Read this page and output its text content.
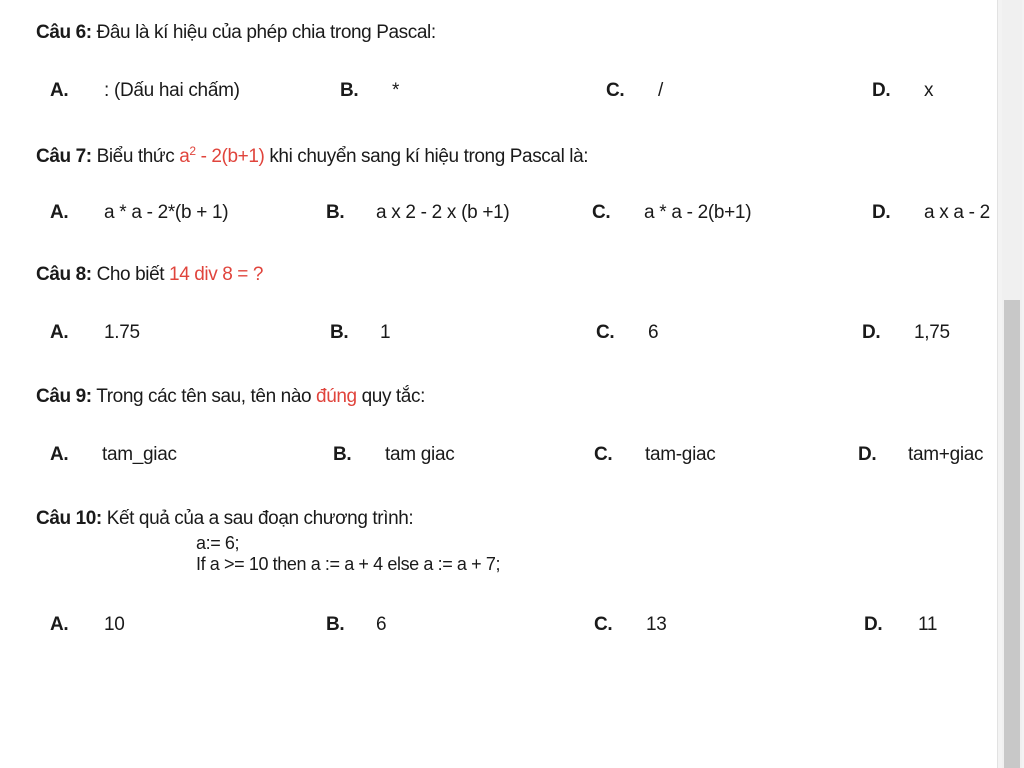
Câu 6: Đâu là kí hiệu của phép chia trong Pascal:
A. : (Dấu hai chấm)	B. *	C. /	D. x
Câu 7: Biểu thức $a^2 - 2(b+1)$ khi chuyển sang kí hiệu trong Pascal là:
A. a * a - 2*(b + 1)	B. a x 2 - 2 x (b +1)	C. a * a - 2(b+1)	D. a x a - 2
Câu 8: Cho biết 14 div 8 = ?
A. 1.75	B. 1	C. 6	D. 1,75
Câu 9: Trong các tên sau, tên nào đúng quy tắc:
A. tam_giac	B. tam giac	C. tam-giac	D. tam+giac
Câu 10: Kết quả của a sau đoạn chương trình:
a:= 6;
If a >= 10 then a := a + 4 else a := a + 7;
A. 10	B. 6	C. 13	D. 11
